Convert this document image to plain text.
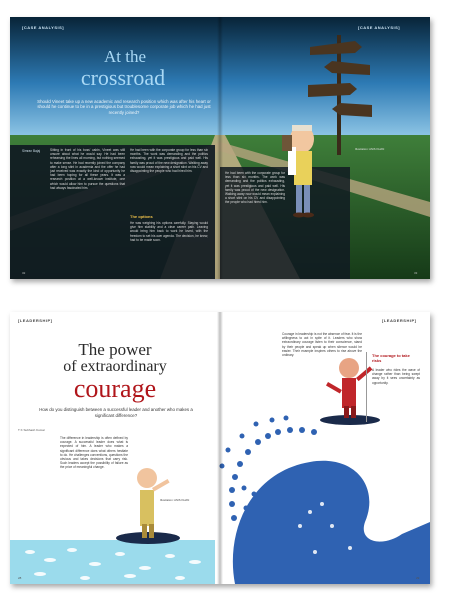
[CASE ANALYSIS]	[CASE ANALYSIS]
At the
crossroad
Should Vineet take up a new academic and research position which was after his heart or should he continue to be in a prestigious but troublesome corporate job which he had just recently joined?
Simran Bajaj	Sitting in front of his boss' cabin, Vineet was still unsure about what he would say. He had been rehearsing the lines all morning, but nothing seemed to make sense. He had recently joined the company after a long stint in academia and the offer he had just received was exactly the kind of opportunity he had been hoping for all these years. It was a research position at a well-known institute, one which would allow him to pursue the questions that had always fascinated him.
He had been with the corporate group for less than six months. The work was demanding and the politics exhausting, yet it was prestigious and paid well. His family was proud of the new designation. Walking away now would mean explaining a short stint on his CV and disappointing the people who had hired him.
The options
He was weighing his options carefully. Staying would give him stability and a clear career path. Leaving would bring him back to work he loved, with the freedom to set his own agenda. The decision, he knew, had to be made soon.
He had been with the corporate group for less than six months. The work was demanding and the politics exhausting, yet it was prestigious and paid well. His family was proud of the new designation. Walking away now would mean explaining a short stint on his CV and disappointing the people who had hired him.
Illustration: ANIS KHAN
32	33
[LEADERSHIP]	[LEADERSHIP]
The power
of extraordinary
courage
How do you distinguish between a successful leader and another who makes a significant difference?
T K Subhash Kumar
The difference in leadership is often defined by courage. A successful leader does what is expected of him. A leader who makes a significant difference does what others hesitate to do. He challenges conventions, questions the obvious and takes decisions that carry risk. Such leaders accept the possibility of failure as the price of meaningful change.
Illustration: ANIS KHAN
Courage in leadership is not the absence of fear. It is the willingness to act in spite of it. Leaders who show extraordinary courage listen to their conscience, stand by their people and speak up when silence would be easier. Their example inspires others to rise above the ordinary.	The courage to take risks
A leader who rides the wave of change rather than being swept away by it sees uncertainty as opportunity.
28	29
